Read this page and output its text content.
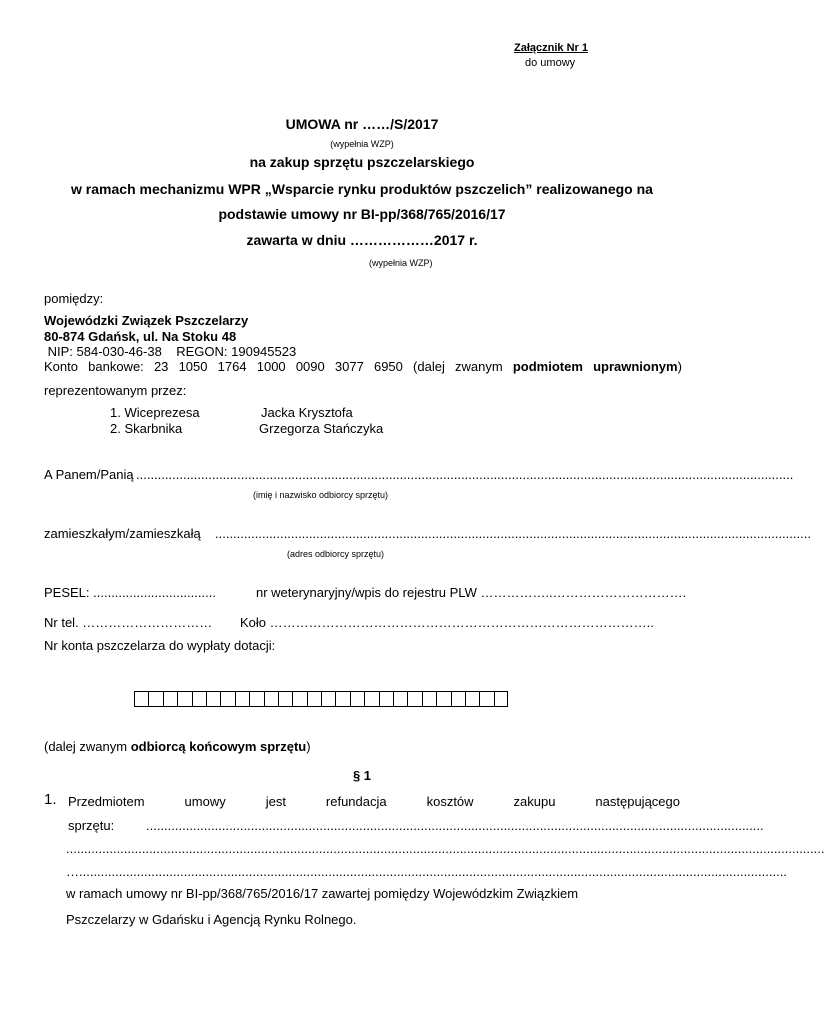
Załącznik Nr 1
do umowy
UMOWA nr ……/S/2017
(wypełnia WZP)
na zakup sprzętu pszczelarskiego
w ramach mechanizmu WPR „Wsparcie rynku produktów pszczelich” realizowanego na
podstawie umowy nr BI-pp/368/765/2016/17
zawarta w dniu ………………2017 r.
(wypełnia WZP)
pomiędzy:
Wojewódzki Związek Pszczelarzy
80-874 Gdańsk, ul. Na Stoku 48
NIP: 584-030-46-38    REGON: 190945523
Konto bankowe: 23 1050 1764 1000 0090 3077 6950 (dalej zwanym podmiotem uprawnionym)
reprezentowanym przez:
1. Wiceprezesa	Jacka Krysztofa
2. Skarbnika	Grzegorza Stańczyka
A Panem/Panią ......................................................................................................................................................................................
(imię i nazwisko odbiorcy sprzętu)
zamieszkałym/zamieszkałą .....................................................................................................................................................................
(adres odbiorcy sprzętu)
PESEL: ..................................	nr weterynaryjny/wpis do rejestru PLW ……………..………………………….
Nr tel. ………………………… Koło ……………………………………………………………………………..
Nr konta pszczelarza do wypłaty dotacji:
(dalej zwanym odbiorcą końcowym sprzętu)
§ 1
1. Przedmiotem	umowy	jest	refundacja	kosztów	zakupu	następującego
sprzętu: ...........................................................................................................................................................................
..................................................................................................................................................................................................................
…....................................................................................................................................................................................................
w ramach umowy nr BI-pp/368/765/2016/17 zawartej pomiędzy Wojewódzkim Związkiem
Pszczelarzy w Gdańsku i Agencją Rynku Rolnego.
